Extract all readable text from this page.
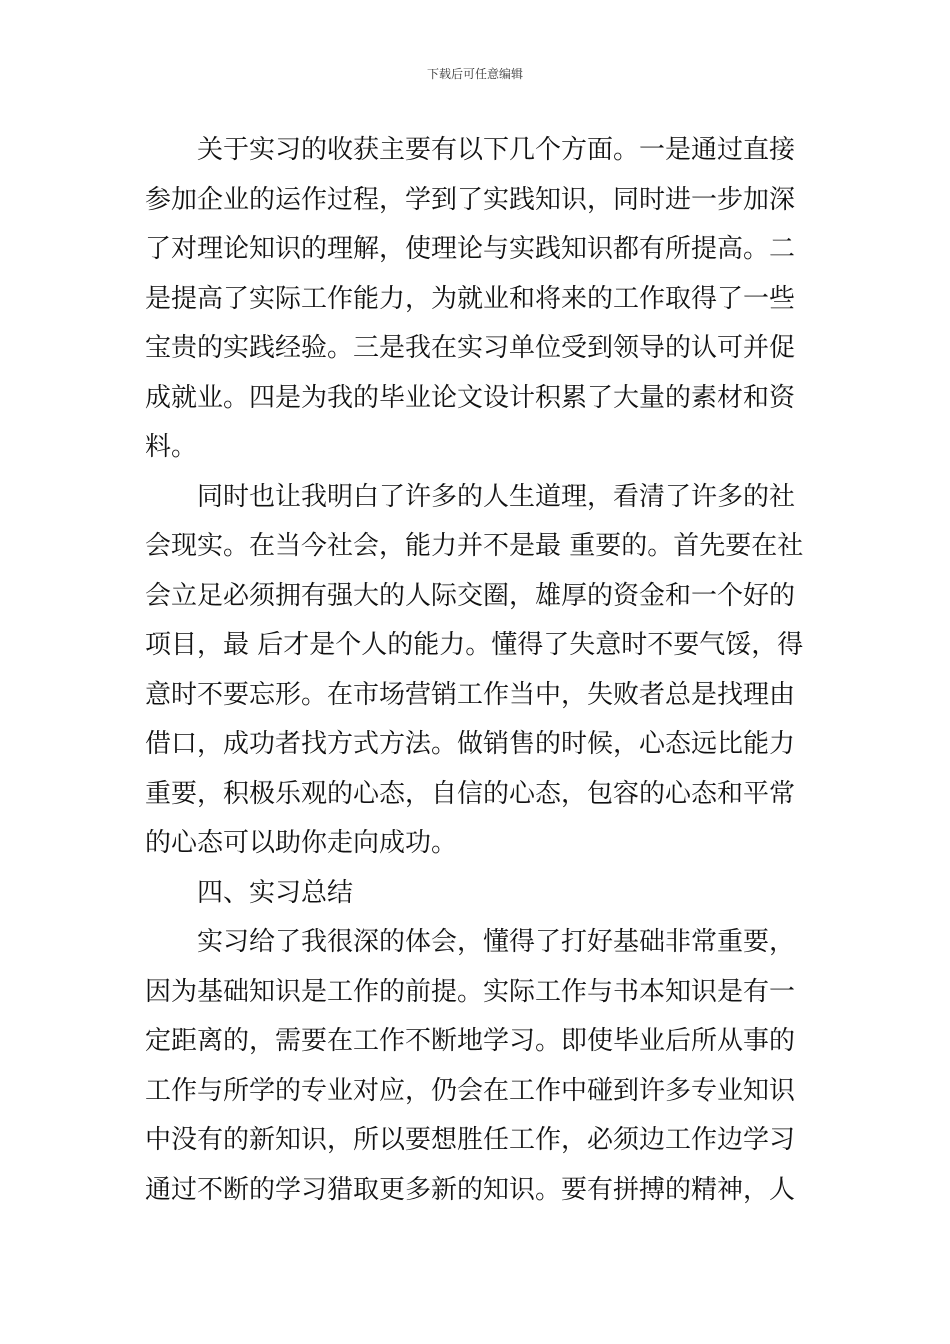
下载后可任意编辑
关于实习的收获主要有以下几个方面。一是通过直接
参加企业的运作过程，学到了实践知识，同时进一步加深
了对理论知识的理解，使理论与实践知识都有所提高。二
是提高了实际工作能力，为就业和将来的工作取得了一些
宝贵的实践经验。三是我在实习单位受到领导的认可并促
成就业。四是为我的毕业论文设计积累了大量的素材和资
料。
同时也让我明白了许多的人生道理，看清了许多的社
会现实。在当今社会，能力并不是最 重要的。首先要在社
会立足必须拥有强大的人际交圈，雄厚的资金和一个好的
项目，最 后才是个人的能力。懂得了失意时不要气馁，得
意时不要忘形。在市场营销工作当中，失败者总是找理由
借口，成功者找方式方法。做销售的时候，心态远比能力
重要，积极乐观的心态，自信的心态，包容的心态和平常
的心态可以助你走向成功。
四、实习总结
实习给了我很深的体会，懂得了打好基础非常重要，
因为基础知识是工作的前提。实际工作与书本知识是有一
定距离的，需要在工作不断地学习。即使毕业后所从事的
工作与所学的专业对应，仍会在工作中碰到许多专业知识
中没有的新知识，所以要想胜任工作，必须边工作边学习
通过不断的学习猎取更多新的知识。要有拼搏的精神，人
